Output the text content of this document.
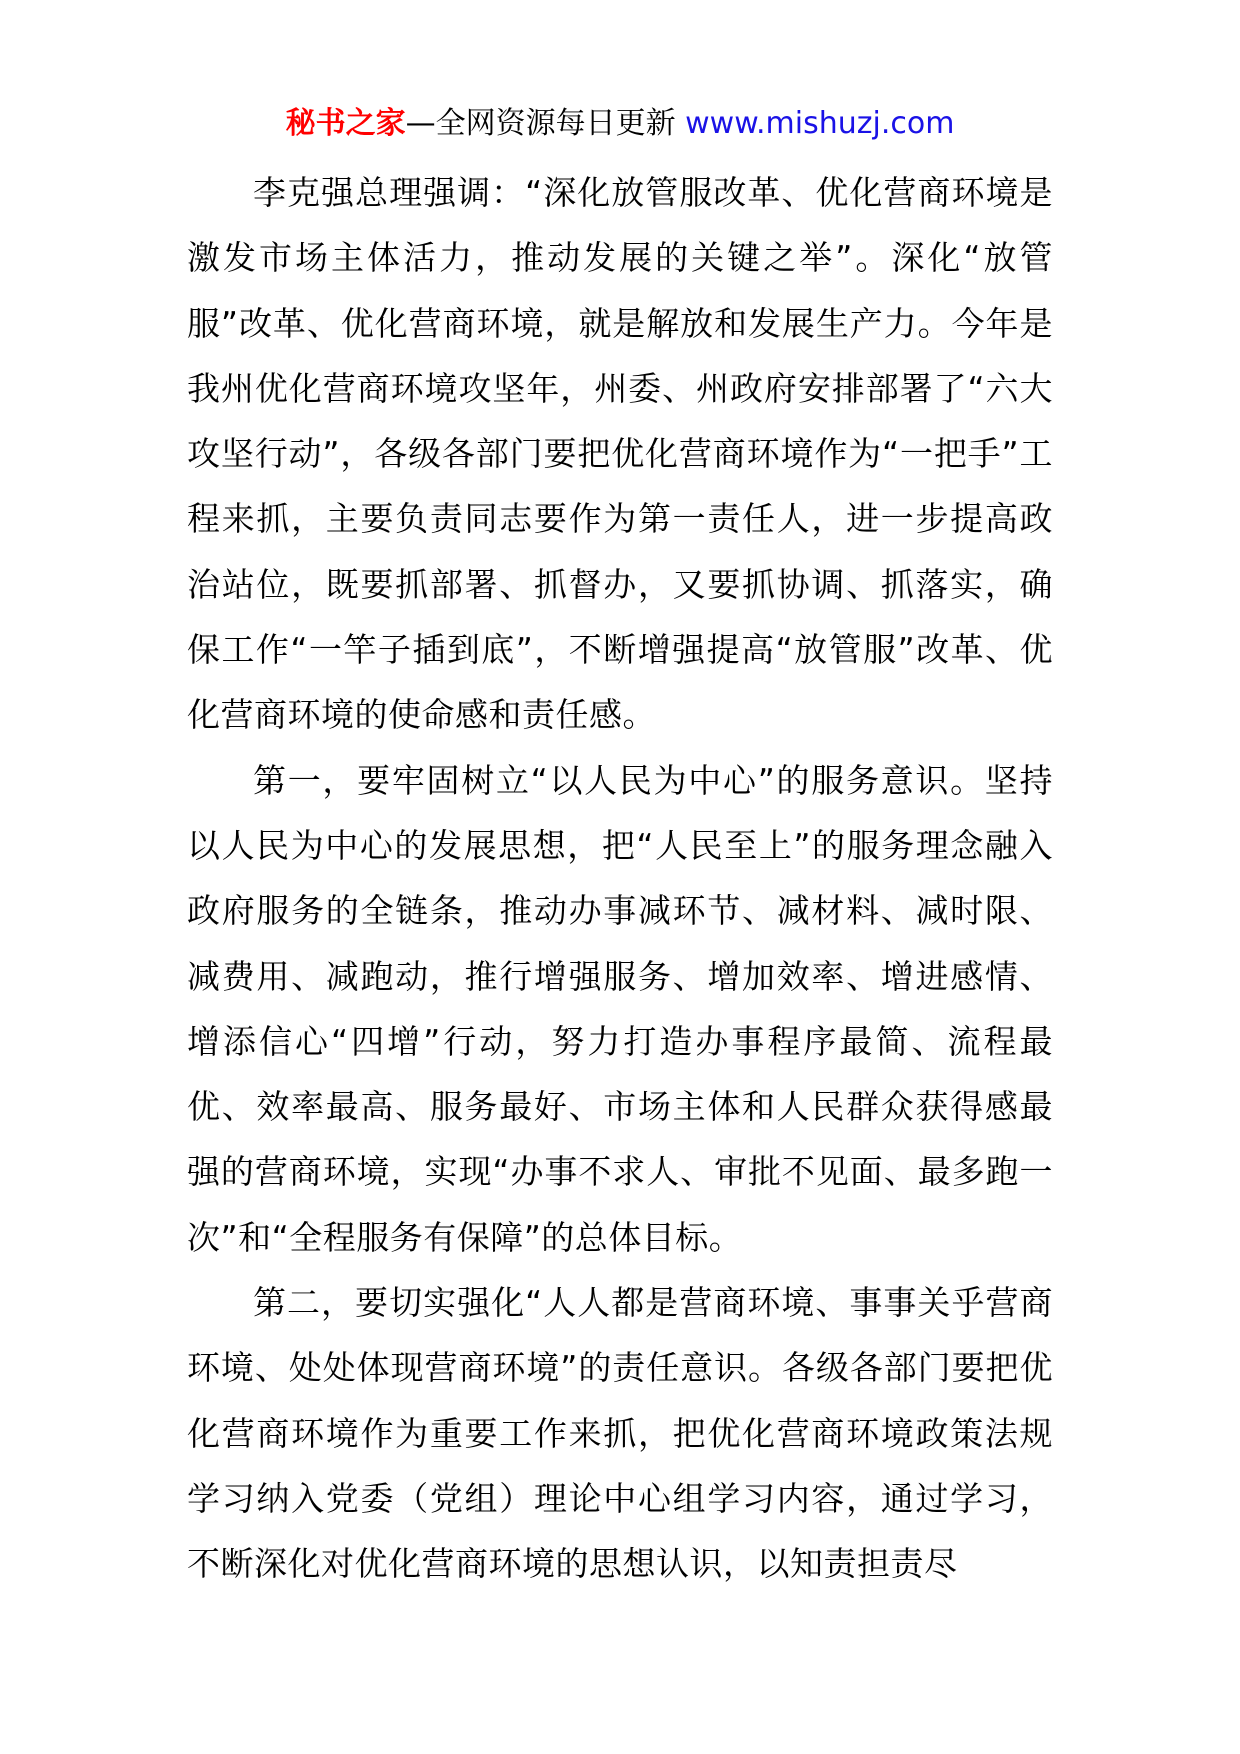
秘书之家—全网资源每日更新 www.mishuzj.com

李克强总理强调：“深化放管服改革、优化营商环境是激发市场主体活力，推动发展的关键之举”。深化“放管服”改革、优化营商环境，就是解放和发展生产力。今年是我州优化营商环境攻坚年，州委、州政府安排部署了“六大攻坚行动”，各级各部门要把优化营商环境作为“一把手”工程来抓，主要负责同志要作为第一责任人，进一步提高政治站位，既要抓部署、抓督办，又要抓协调、抓落实，确保工作“一竿子插到底”，不断增强提高“放管服”改革、优化营商环境的使命感和责任感。

第一，要牢固树立“以人民为中心”的服务意识。坚持以人民为中心的发展思想，把“人民至上”的服务理念融入政府服务的全链条，推动办事减环节、减材料、减时限、减费用、减跑动，推行增强服务、增加效率、增进感情、增添信心“四增”行动，努力打造办事程序最简、流程最优、效率最高、服务最好、市场主体和人民群众获得感最强的营商环境，实现“办事不求人、审批不见面、最多跑一次”和“全程服务有保障”的总体目标。

第二，要切实强化“人人都是营商环境、事事关乎营商环境、处处体现营商环境”的责任意识。各级各部门要把优化营商环境作为重要工作来抓，把优化营商环境政策法规学习纳入党委（党组）理论中心组学习内容，通过学习，不断深化对优化营商环境的思想认识，以知责担责尽
